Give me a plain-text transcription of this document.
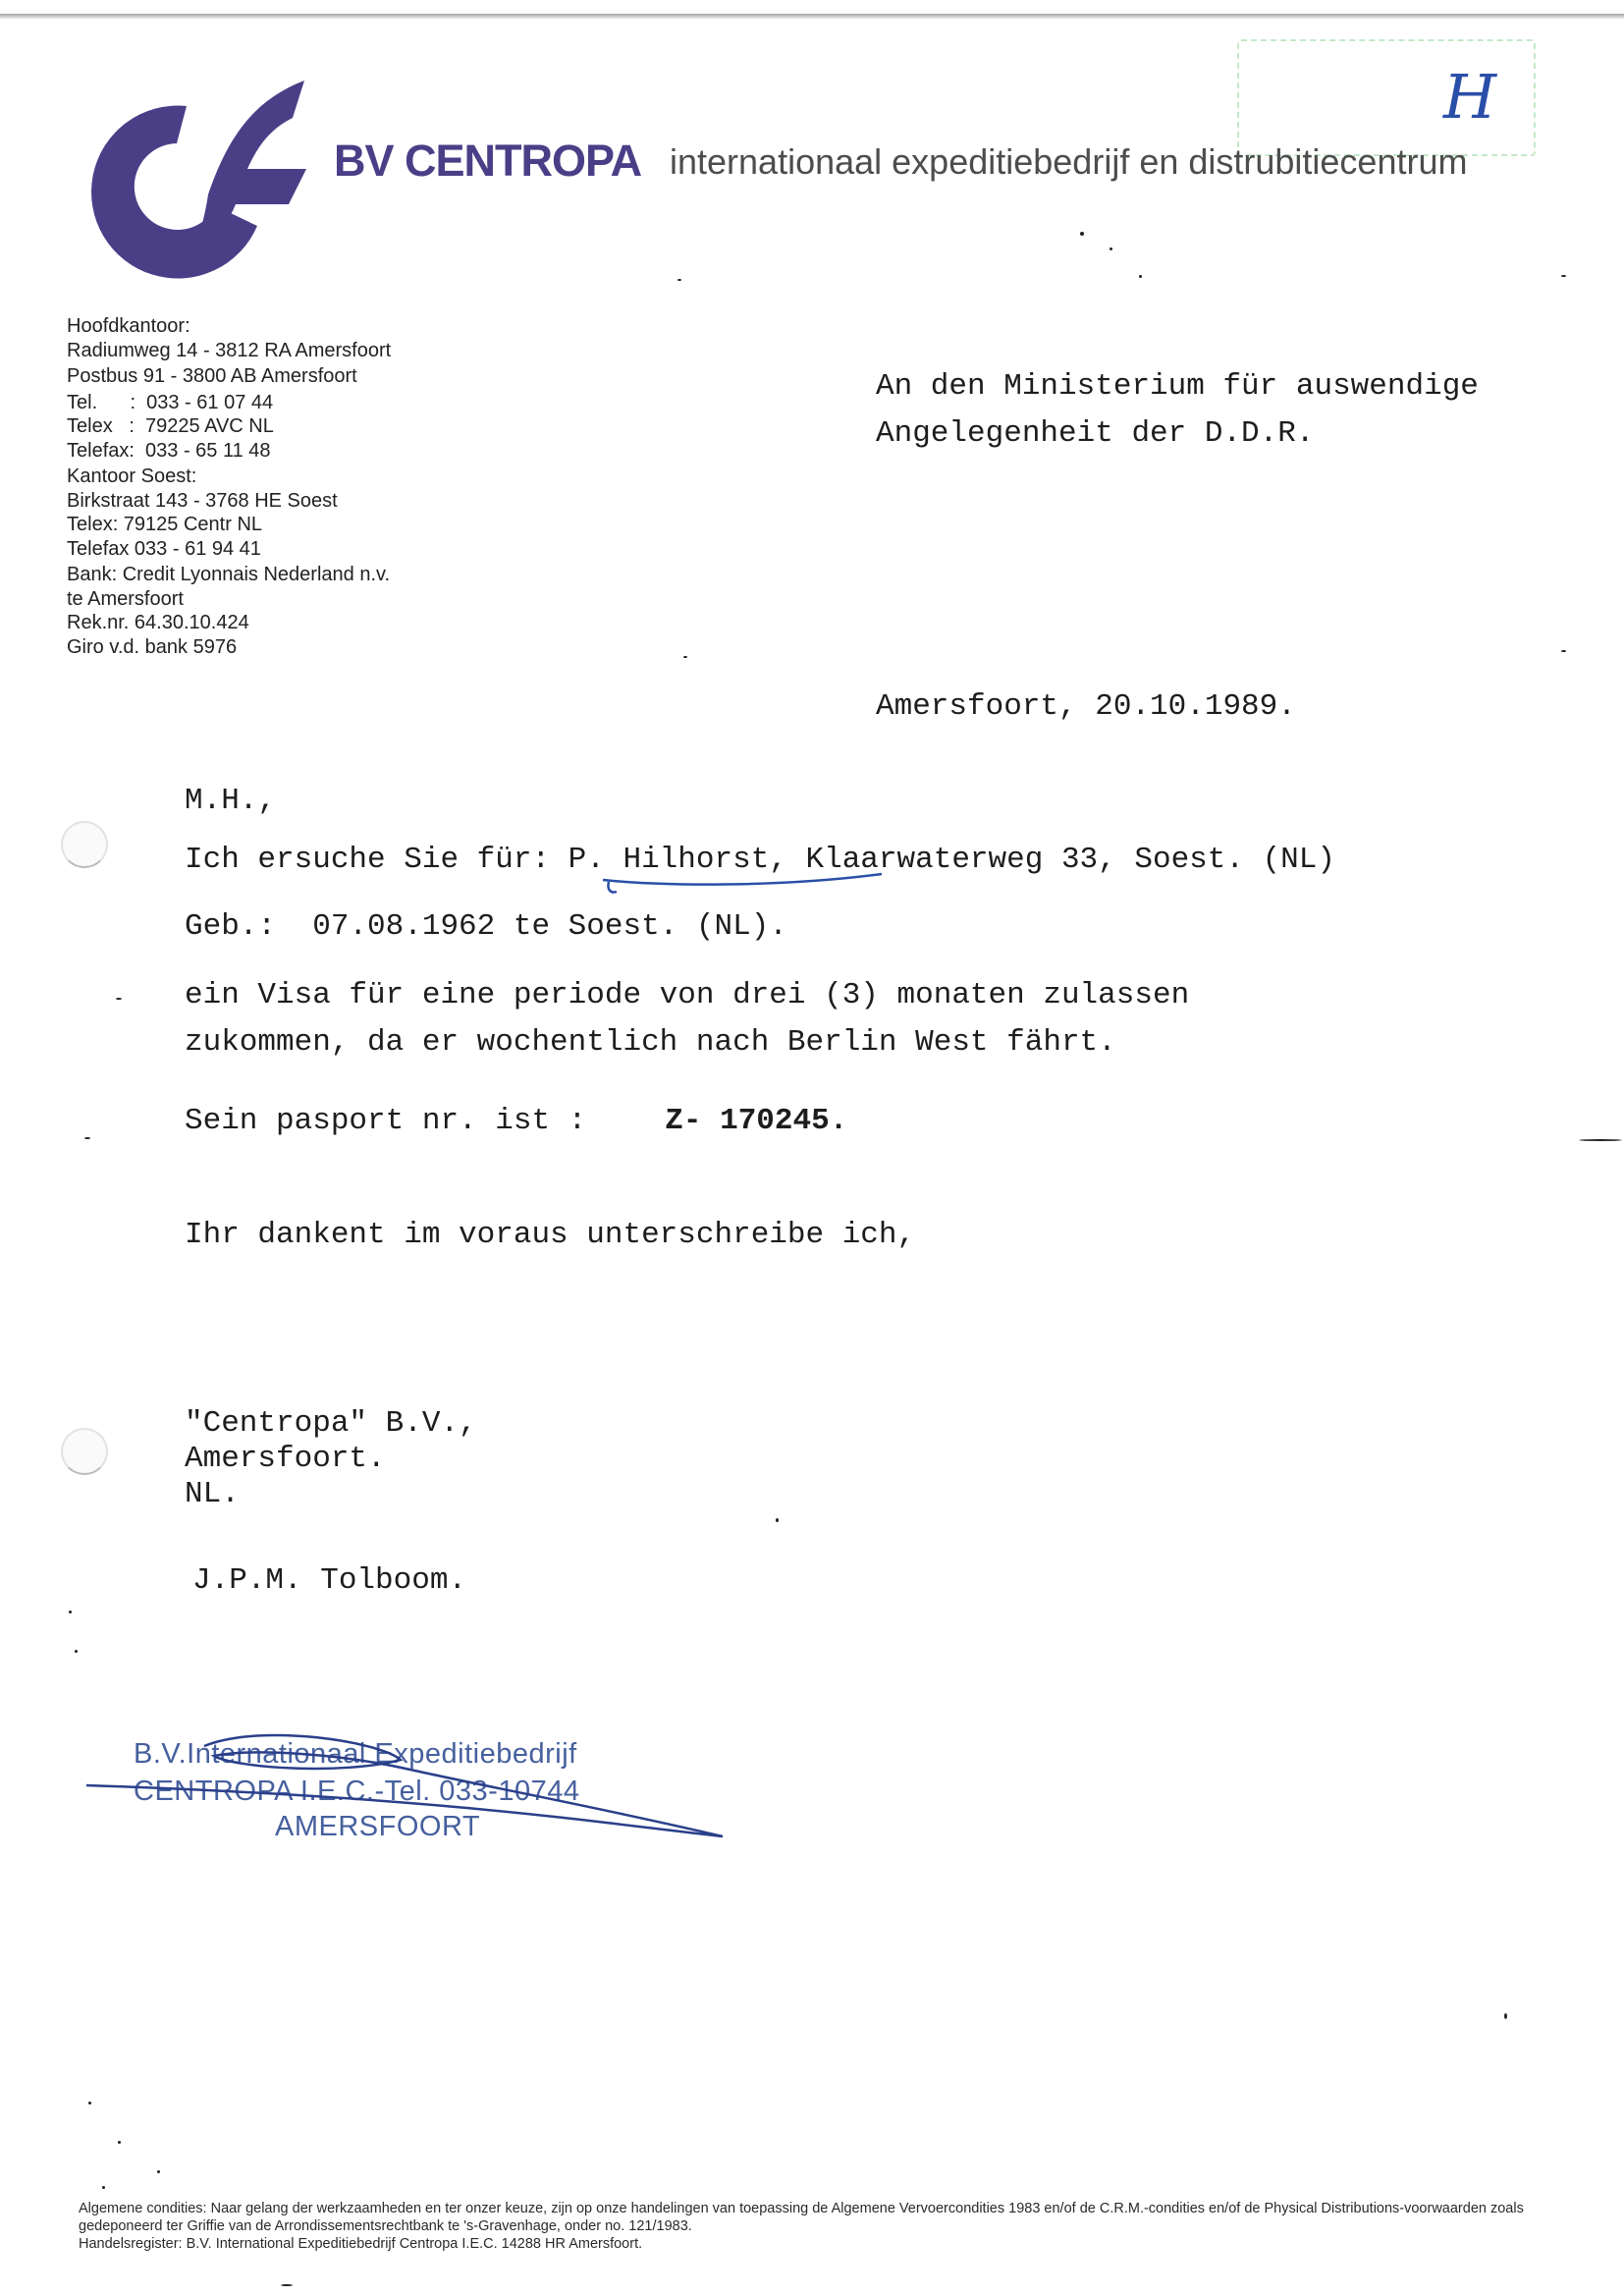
H
BV CENTROPA internationaal expeditiebedrijf en distrubitiecentrum
Hoofdkantoor:
Radiumweg 14 - 3812 RA Amersfoort
Postbus 91 - 3800 AB Amersfoort
Tel.      :  033 - 61 07 44
Telex   :  79225 AVC NL
Telefax:  033 - 65 11 48
Kantoor Soest:
Birkstraat 143 - 3768 HE Soest
Telex: 79125 Centr NL
Telefax 033 - 61 94 41
Bank: Credit Lyonnais Nederland n.v.
te Amersfoort
Rek.nr. 64.30.10.424
Giro v.d. bank 5976
An den Ministerium für auswendige
Angelegenheit der D.D.R.
Amersfoort, 20.10.1989.

M.H.,

Ich ersuche Sie für: P. Hilhorst, Klaarwaterweg 33, Soest. (NL)

Geb.:  07.08.1962 te Soest. (NL).

ein Visa für eine periode von drei (3) monaten zulassen

zukommen, da er wochentlich nach Berlin West fährt.

Sein pasport nr. ist :	Z- 170245.

Ihr dankent im voraus unterschreibe ich,

"Centropa" B.V.,
Amersfoort.
NL.
J.P.M. Tolboom.
B.V.Internationaal Expeditiebedrijf
CENTROPA I.E.C.-Tel. 033-10744
AMERSFOORT
Algemene condities: Naar gelang der werkzaamheden en ter onzer keuze, zijn op onze handelingen van toepassing de Algemene Vervoercondities 1983 en/of de C.R.M.-condities en/of de Physical Distributions-voorwaarden zoals gedeponeerd ter Griffie van de Arrondissementsrechtbank te 's-Gravenhage, onder no. 121/1983.
Handelsregister: B.V. International Expeditiebedrijf Centropa I.E.C. 14288 HR Amersfoort.
